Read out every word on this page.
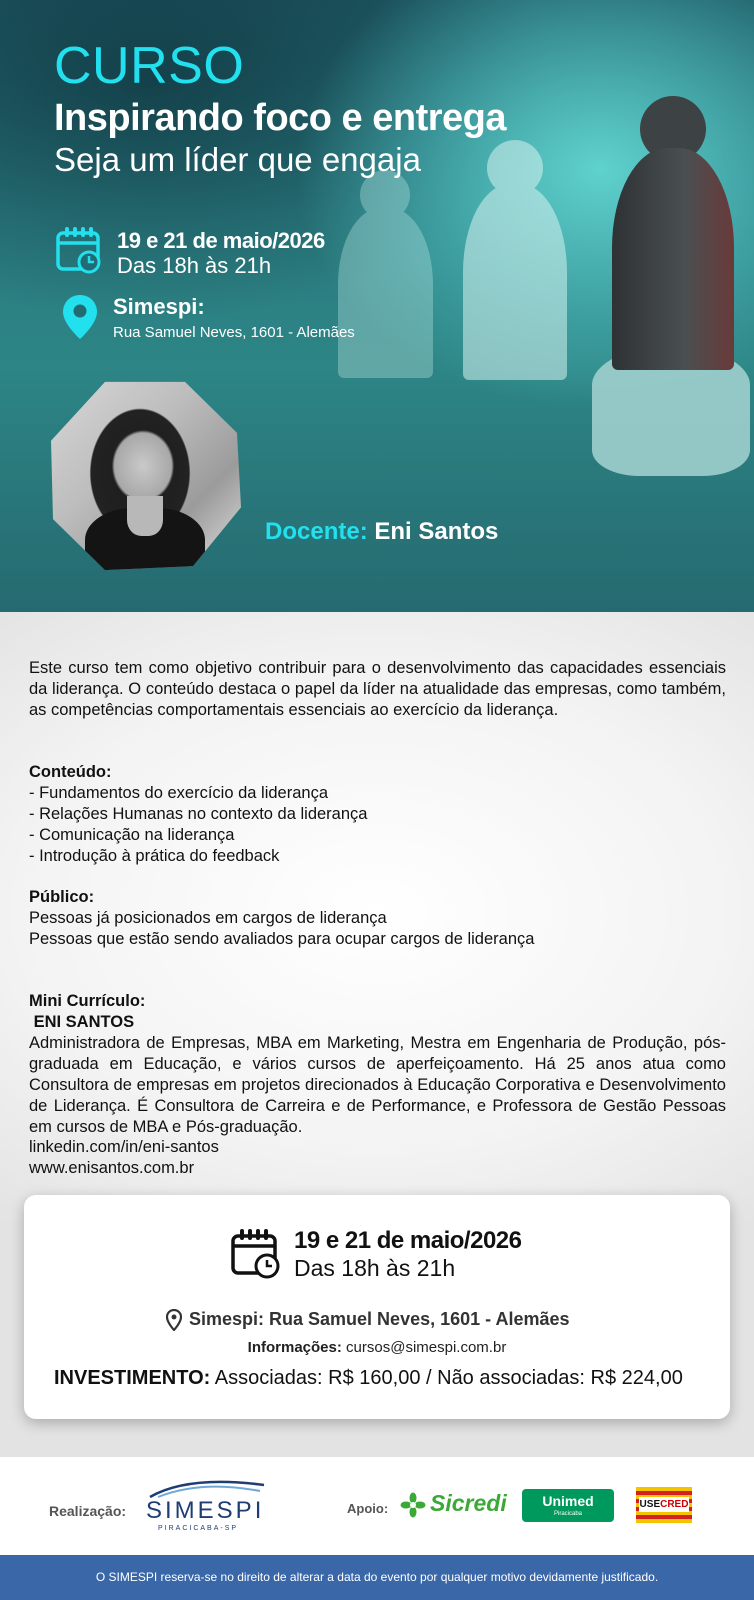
CURSO
Inspirando foco e entrega
Seja um líder que engaja
19 e 21 de maio/2026
Das 18h às 21h
Simespi:
Rua Samuel Neves, 1601 - Alemães
Docente: Eni Santos

Este curso tem como objetivo contribuir para o desenvolvimento das capacidades essenciais da liderança. O conteúdo destaca o papel da líder na atualidade das empresas, como também, as competências comportamentais essenciais ao exercício da liderança.

Conteúdo:

- Fundamentos do exercício da liderança

- Relações Humanas no contexto da liderança

- Comunicação na liderança

- Introdução à prática do feedback

Público:

Pessoas já posicionados em cargos de liderança

Pessoas que estão sendo avaliados para ocupar cargos de liderança

Mini Currículo:

ENI SANTOS

Administradora de Empresas, MBA em Marketing, Mestra em Engenharia de Produção, pós-graduada em Educação, e vários cursos de aperfeiçoamento. Há 25 anos atua como Consultora de empresas em projetos direcionados à Educação Corporativa e Desenvolvimento de Liderança. É Consultora de Carreira e de Performance, e Professora de Gestão Pessoas em cursos de MBA e Pós-graduação.

linkedin.com/in/eni-santos

www.enisantos.com.br

19 e 21 de maio/2026
Das 18h às 21h
Simespi: Rua Samuel Neves, 1601 - Alemães
Informações: cursos@simespi.com.br
INVESTIMENTO: Associadas: R$ 160,00 / Não associadas: R$ 224,00
Realização: SIMESPI
PIRACICABA-SP
Apoio: Sicredi	Unimed
Piracicaba
USECRED
O SIMESPI reserva-se no direito de alterar a data do evento por qualquer motivo devidamente justificado.
